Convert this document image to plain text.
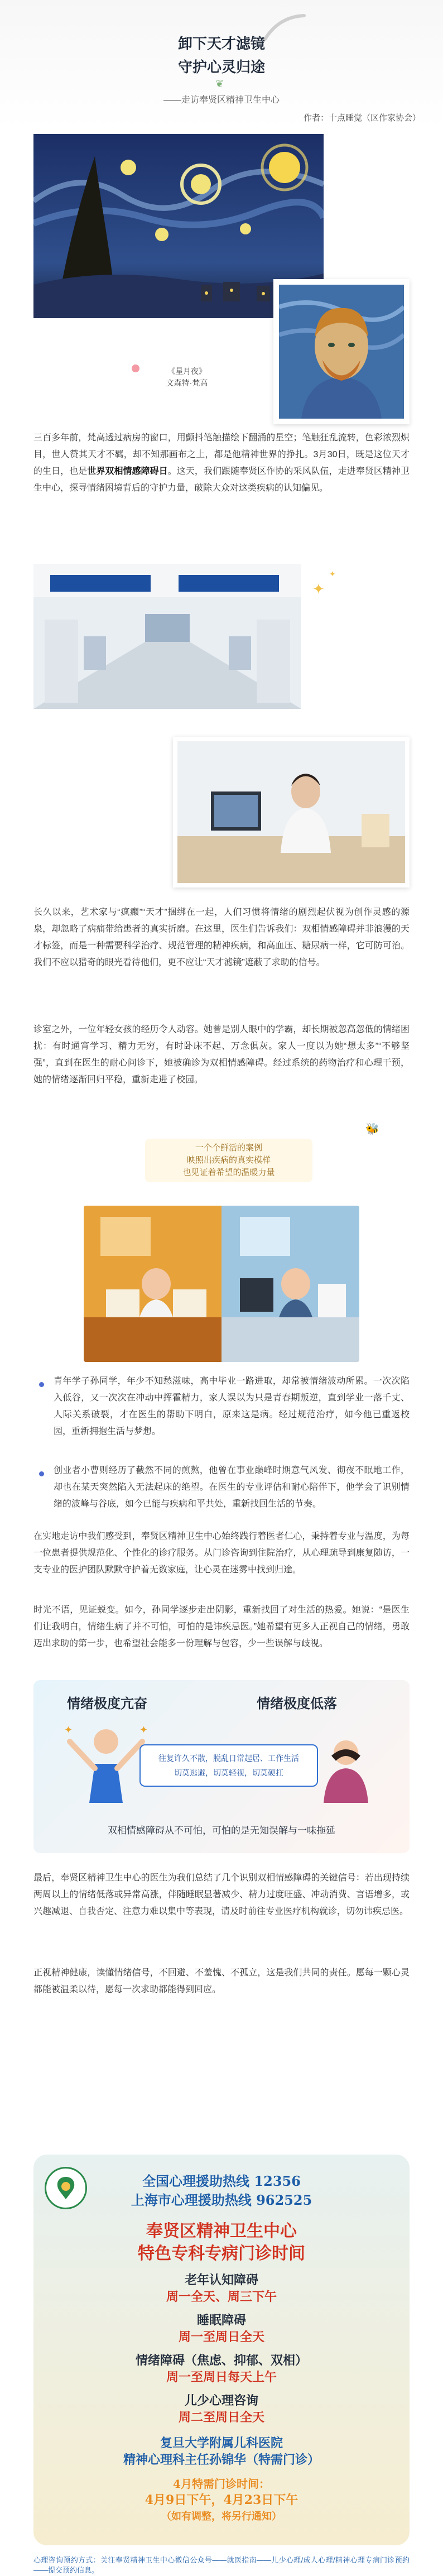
卸下天才滤镜
守护心灵归途
❦
——走访奉贤区精神卫生中心
作者：十点睡觉（区作家协会）
《星月夜》
文森特·梵高
三百多年前，梵高透过病房的窗口，用颤抖笔触描绘下翻涌的星空；笔触狂乱流转，色彩浓烈炽目，世人赞其天才不羁，却不知那画布之上，都是他精神世界的挣扎。3月30日，既是这位天才的生日，也是世界双相情感障碍日。这天，我们跟随奉贤区作协的采风队伍，走进奉贤区精神卫生中心，探寻情绪困境背后的守护力量，破除大众对这类疾病的认知偏见。
✦
✦
长久以来，艺术家与“疯癫”“天才”捆绑在一起，人们习惯将情绪的剧烈起伏视为创作灵感的源泉，却忽略了病痛带给患者的真实折磨。在这里，医生们告诉我们：双相情感障碍并非浪漫的天才标签，而是一种需要科学治疗、规范管理的精神疾病，和高血压、糖尿病一样，它可防可治。我们不应以猎奇的眼光看待他们，更不应让“天才滤镜”遮蔽了求助的信号。
诊室之外，一位年轻女孩的经历令人动容。她曾是别人眼中的学霸，却长期被忽高忽低的情绪困扰：有时通宵学习、精力无穷，有时卧床不起、万念俱灰。家人一度以为她“想太多”“不够坚强”，直到在医生的耐心问诊下，她被确诊为双相情感障碍。经过系统的药物治疗和心理干预，她的情绪逐渐回归平稳，重新走进了校园。
🐝
一个个鲜活的案例
映照出疾病的真实模样
也见证着希望的温暖力量
青年学子孙同学，年少不知愁滋味，高中毕业一路进取，却常被情绪波动所累。一次次陷入低谷，又一次次在冲动中挥霍精力，家人误以为只是青春期叛逆，直到学业一落千丈、人际关系破裂，才在医生的帮助下明白，原来这是病。经过规范治疗，如今他已重返校园，重新拥抱生活与梦想。
创业者小曹则经历了截然不同的煎熬，他曾在事业巅峰时期意气风发、彻夜不眠地工作，却也在某天突然陷入无法起床的绝望。在医生的专业评估和耐心陪伴下，他学会了识别情绪的波峰与谷底，如今已能与疾病和平共处，重新找回生活的节奏。
在实地走访中我们感受到，奉贤区精神卫生中心始终践行着医者仁心，秉持着专业与温度，为每一位患者提供规范化、个性化的诊疗服务。从门诊咨询到住院治疗，从心理疏导到康复随访，一支专业的医护团队默默守护着无数家庭，让心灵在迷雾中找到归途。
时光不语，见证蜕变。如今，孙同学逐步走出阴影，重新找回了对生活的热爱。她说：“是医生们让我明白，情绪生病了并不可怕，可怕的是讳疾忌医。”她希望有更多人正视自己的情绪，勇敢迈出求助的第一步，也希望社会能多一份理解与包容，少一些误解与歧视。
情绪极度亢奋	情绪极度低落
✦	✦
往复许久不散，脱乱日常起居、工作生活
切莫逃避，切莫轻视，切莫硬扛
双相情感障碍从不可怕，可怕的是无知误解与一味拖延
最后，奉贤区精神卫生中心的医生为我们总结了几个识别双相情感障碍的关键信号：若出现持续两周以上的情绪低落或异常高涨，伴随睡眠显著减少、精力过度旺盛、冲动消费、言语增多，或兴趣减退、自我否定、注意力难以集中等表现，请及时前往专业医疗机构就诊，切勿讳疾忌医。
正视精神健康，读懂情绪信号，不回避、不羞愧、不孤立，这是我们共同的责任。愿每一颗心灵都能被温柔以待，愿每一次求助都能得到回应。
全国心理援助热线 12356
上海市心理援助热线 962525
奉贤区精神卫生中心
特色专科专病门诊时间
老年认知障碍
周一全天、周三下午
睡眠障碍
周一至周日全天
情绪障碍（焦虑、抑郁、双相）
周一至周日每天上午
儿少心理咨询
周二至周日全天
复旦大学附属儿科医院
精神心理科主任孙锦华（特需门诊）
4月特需门诊时间：
4月9日下午，4月23日下午
（如有调整，将另行通知）
心理咨询预约方式：关注奉贤精神卫生中心微信公众号——就医指南——儿少心理/成人心理/精神心理专病门诊预约——提交预约信息。
